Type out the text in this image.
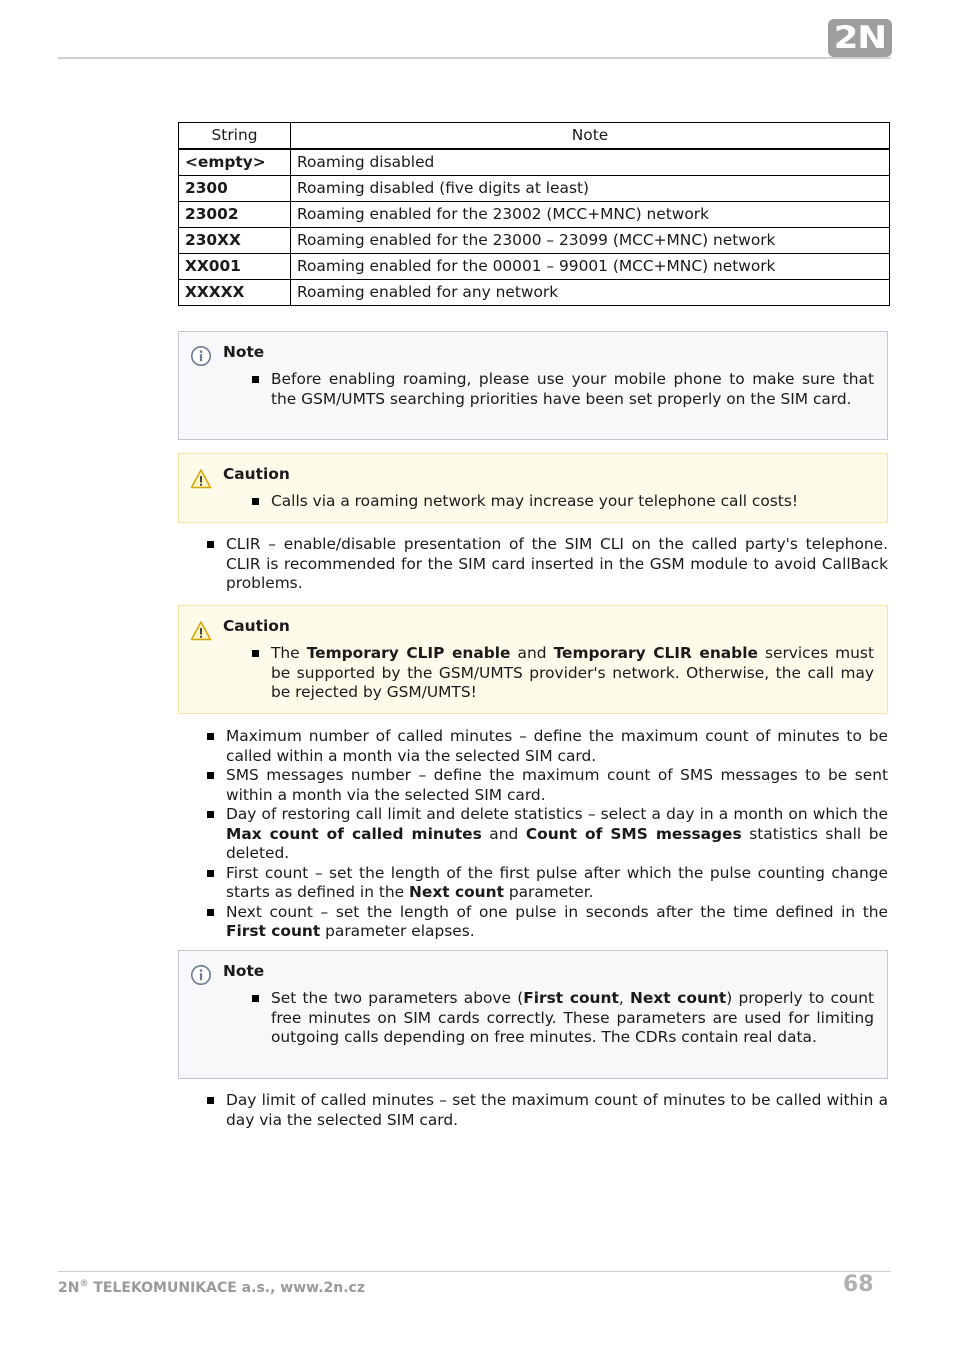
2N
String	Note
<empty>	Roaming disabled
2300	Roaming disabled (five digits at least)
23002	Roaming enabled for the 23002 (MCC+MNC) network
230XX	Roaming enabled for the 23000 – 23099 (MCC+MNC) network
XX001	Roaming enabled for the 00001 – 99001 (MCC+MNC) network
XXXXX	Roaming enabled for any network
Note
Before enabling roaming, please use your mobile phone to make sure that the GSM/UMTS searching priorities have been set properly on the SIM card.
Caution
Calls via a roaming network may increase your telephone call costs!
CLIR – enable/disable presentation of the SIM CLI on the called party's telephone. CLIR is recommended for the SIM card inserted in the GSM module to avoid CallBack problems.
Caution
The Temporary CLIP enable and Temporary CLIR enable services must be supported by the GSM/UMTS provider's network. Otherwise, the call may be rejected by GSM/UMTS!
Maximum number of called minutes – define the maximum count of minutes to be called within a month via the selected SIM card.
SMS messages number – define the maximum count of SMS messages to be sent within a month via the selected SIM card.
Day of restoring call limit and delete statistics – select a day in a month on which the Max count of called minutes and Count of SMS messages statistics shall be deleted.
First count – set the length of the first pulse after which the pulse counting change starts as defined in the Next count parameter.
Next count – set the length of one pulse in seconds after the time defined in the First count parameter elapses.
Note
Set the two parameters above (First count, Next count) properly to count free minutes on SIM cards correctly. These parameters are used for limiting outgoing calls depending on free minutes. The CDRs contain real data.
Day limit of called minutes – set the maximum count of minutes to be called within a day via the selected SIM card.
2N® TELEKOMUNIKACE a.s., www.2n.cz	68
